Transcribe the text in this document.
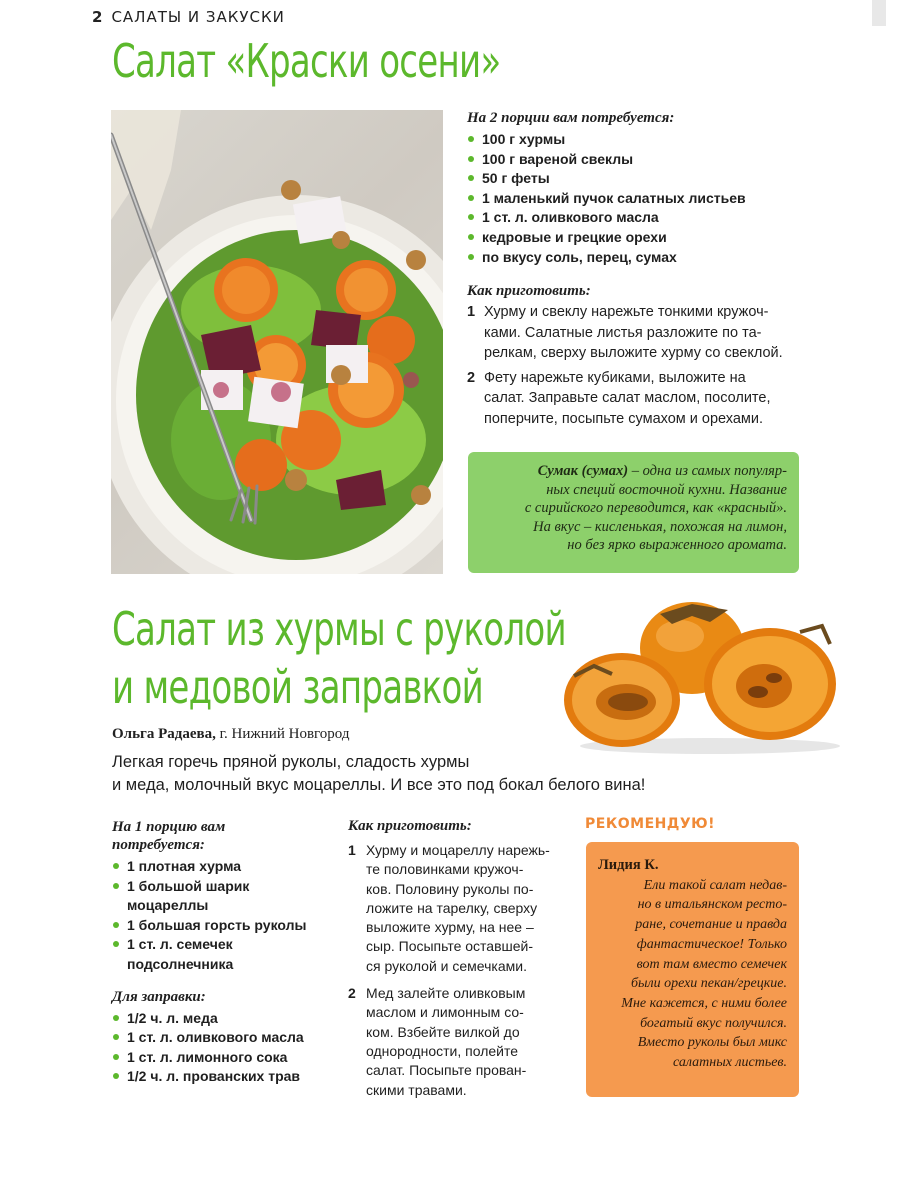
2 САЛАТЫ И ЗАКУСКИ
Салат «Краски осени»
На 2 порции вам потребуется:
100 г хурмы
100 г вареной свеклы
50 г феты
1 маленький пучок салатных листьев
1 ст. л. оливкового масла
кедровые и грецкие орехи
по вкусу соль, перец, сумах
Как приготовить:
1 Хурму и свеклу нарежьте тонкими кружоч-
ками. Салатные листья разложите по та-
релкам, сверху выложите хурму со свеклой.
2 Фету нарежьте кубиками, выложите на
салат. Заправьте салат маслом, посолите,
поперчите, посыпьте сумахом и орехами.
Сумак (сумах) – одна из самых популяр-
ных специй восточной кухни. Название
с сирийского переводится, как «красный».
На вкус – кисленькая, похожая на лимон,
но без ярко выраженного аромата.
Салат из хурмы с руколой
и медовой заправкой
Ольга Радаева, г. Нижний Новгород
Легкая горечь пряной руколы, сладость хурмы
и меда, молочный вкус моцареллы. И все это под бокал белого вина!
На 1 порцию вам
потребуется:
1 плотная хурма
1 большой шарик
моцареллы
1 большая горсть руколы
1 ст. л. семечек
подсолнечника
Для заправки:
1/2 ч. л. меда
1 ст. л. оливкового масла
1 ст. л. лимонного сока
1/2 ч. л. прованских трав
Как приготовить:
1 Хурму и моцареллу нарежь-
те половинками кружоч-
ков. Половину руколы по-
ложите на тарелку, сверху
выложите хурму, на нее –
сыр. Посыпьте оставшей-
ся руколой и семечками.
2 Мед залейте оливковым
маслом и лимонным со-
ком. Взбейте вилкой до
однородности, полейте
салат. Посыпьте прован-
скими травами.
РЕКОМЕНДУЮ!
Лидия К.
Ели такой салат недав-
но в итальянском ресто-
ране, сочетание и правда
фантастическое! Только
вот там вместо семечек
были орехи пекан/грецкие.
Мне кажется, с ними более
богатый вкус получился.
Вместо руколы был микс
салатных листьев.
